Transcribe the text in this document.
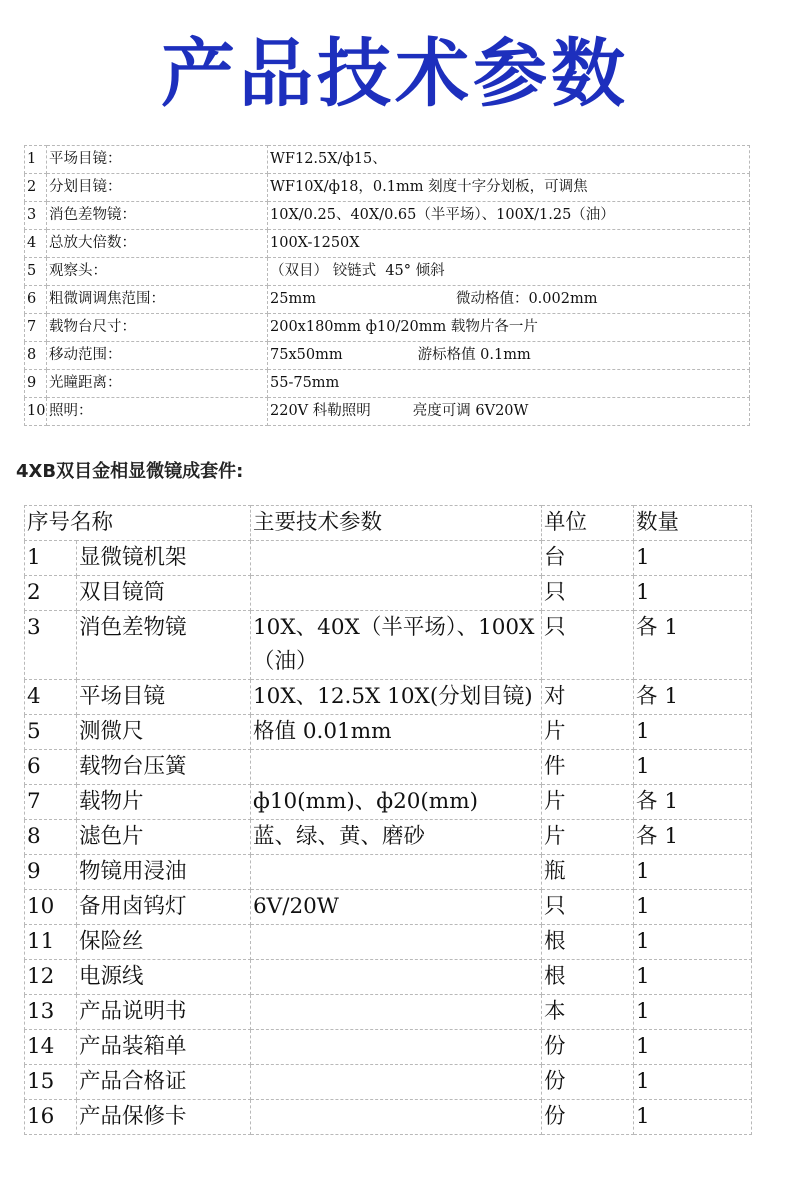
产品技术参数
1	平场目镜：	WF12.5X/ф15、
2	分划目镜：	WF10X/ф18，0.1mm 刻度十字分划板，可调焦
3	消色差物镜：	10X/0.25、40X/0.65（半平场）、100X/1.25（油）
4	总放大倍数：	100X-1250X
5	观察头：	（双目） 铰链式  45° 倾斜
6	粗微调调焦范围：	25mm 微动格值：0.002mm
7	载物台尺寸：	200x180mm ф10/20mm 载物片各一片
8	移动范围：	75x50mm 游标格值 0.1mm
9	光瞳距离：	55-75mm
10	照明：	220V 科勒照明 亮度可调 6V20W
4XB双目金相显微镜成套件:
序号名称		主要技术参数	单位	数量
1	显微镜机架		台	1
2	双目镜筒		只	1
3	消色差物镜	10X、40X（半平场）、100X（油）	只	各 1
4	平场目镜	10X、12.5X 10X(分划目镜)	对	各 1
5	测微尺	格值 0.01mm	片	1
6	载物台压簧		件	1
7	载物片	ф10(mm)、ф20(mm)	片	各 1
8	滤色片	蓝、绿、黄、磨砂	片	各 1
9	物镜用浸油		瓶	1
10	备用卤钨灯	6V/20W	只	1
11	保险丝		根	1
12	电源线		根	1
13	产品说明书		本	1
14	产品装箱单		份	1
15	产品合格证		份	1
16	产品保修卡		份	1
